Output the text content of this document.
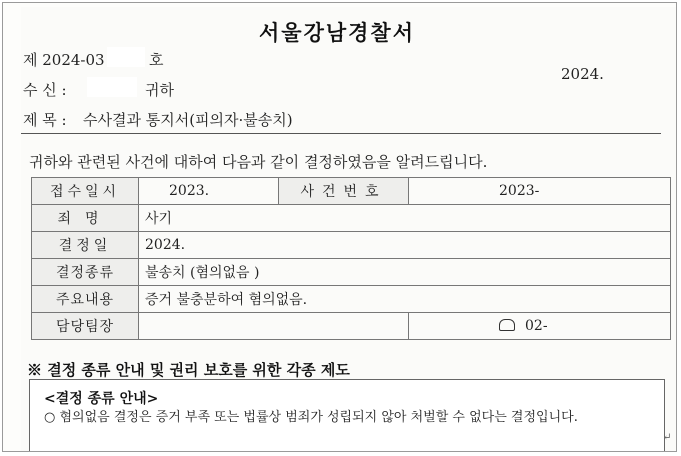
서울강남경찰서
제 2024-03	호
2024.
수 신 :	귀하
제 목 : 수사결과 통지서(피의자·불송치)
귀하와 관련된 사건에 대하여 다음과 같이 결정하였음을 알려드립니다.
접수일시	2023.	사건번호	2023-
죄명	사기		
결정일	2024.		
결정종류	불송치 (혐의없음 )		
주요내용	증거 불충분하여 혐의없음.		
담당팀장			02-
※ 결정 종류 안내 및 권리 보호를 위한 각종 제도
<결정 종류 안내>
○ 혐의없음 결정은 증거 부족 또는 법률상 범죄가 성립되지 않아 처벌할 수 없다는 결정입니다.
↵
